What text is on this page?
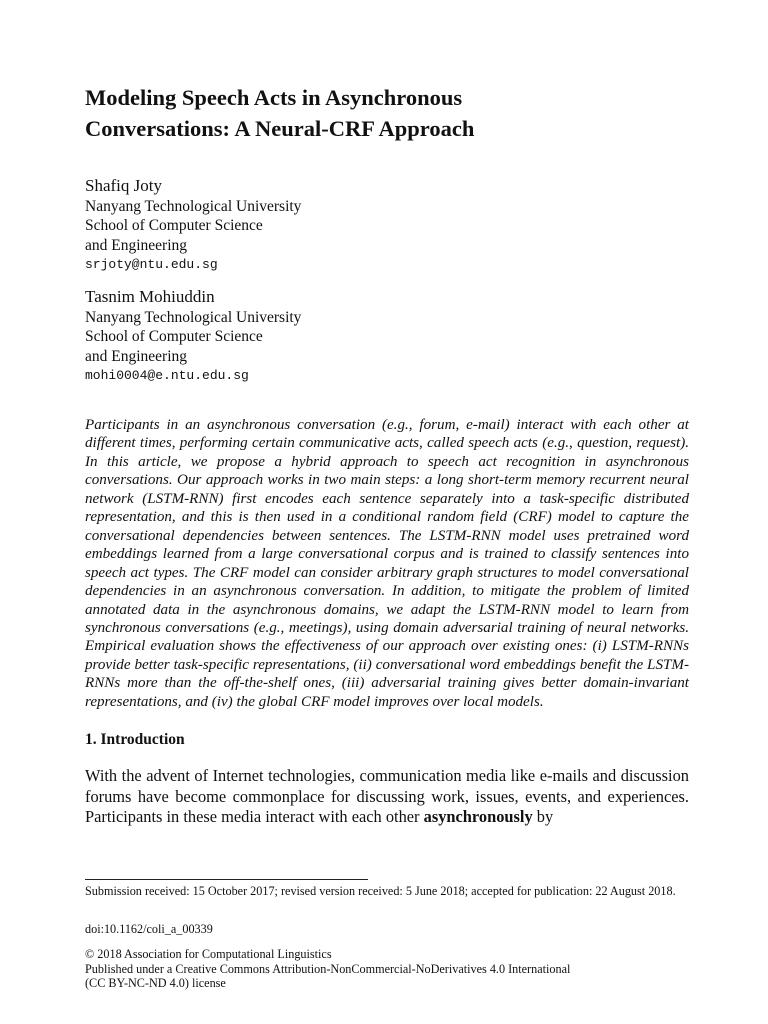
Modeling Speech Acts in Asynchronous
Conversations: A Neural-CRF Approach
Shafiq Joty
Nanyang Technological University
School of Computer Science
and Engineering
srjoty@ntu.edu.sg
Tasnim Mohiuddin
Nanyang Technological University
School of Computer Science
and Engineering
mohi0004@e.ntu.edu.sg

Participants in an asynchronous conversation (e.g., forum, e-mail) interact with each other at different times, performing certain communicative acts, called speech acts (e.g., question, request). In this article, we propose a hybrid approach to speech act recognition in asynchronous conversations. Our approach works in two main steps: a long short-term memory recurrent neural network (LSTM-RNN) first encodes each sentence separately into a task-specific distributed representation, and this is then used in a conditional random field (CRF) model to capture the conversational dependencies between sentences. The LSTM-RNN model uses pretrained word embeddings learned from a large conversational corpus and is trained to classify sentences into speech act types. The CRF model can consider arbitrary graph structures to model conversational dependencies in an asynchronous conversation. In addition, to mitigate the problem of limited annotated data in the asynchronous domains, we adapt the LSTM-RNN model to learn from synchronous conversations (e.g., meetings), using domain adversarial training of neural networks. Empirical evaluation shows the effectiveness of our approach over existing ones: (i) LSTM-RNNs provide better task-specific representations, (ii) conversational word embeddings benefit the LSTM-RNNs more than the off-the-shelf ones, (iii) adversarial training gives better domain-invariant representations, and (iv) the global CRF model improves over local models.

1. Introduction

With the advent of Internet technologies, communication media like e-mails and discussion forums have become commonplace for discussing work, issues, events, and experiences. Participants in these media interact with each other asynchronously by

Submission received: 15 October 2017; revised version received: 5 June 2018; accepted for publication: 22 August 2018.

doi:10.1162/coli_a_00339

© 2018 Association for Computational Linguistics
Published under a Creative Commons Attribution-NonCommercial-NoDerivatives 4.0 International
(CC BY-NC-ND 4.0) license
